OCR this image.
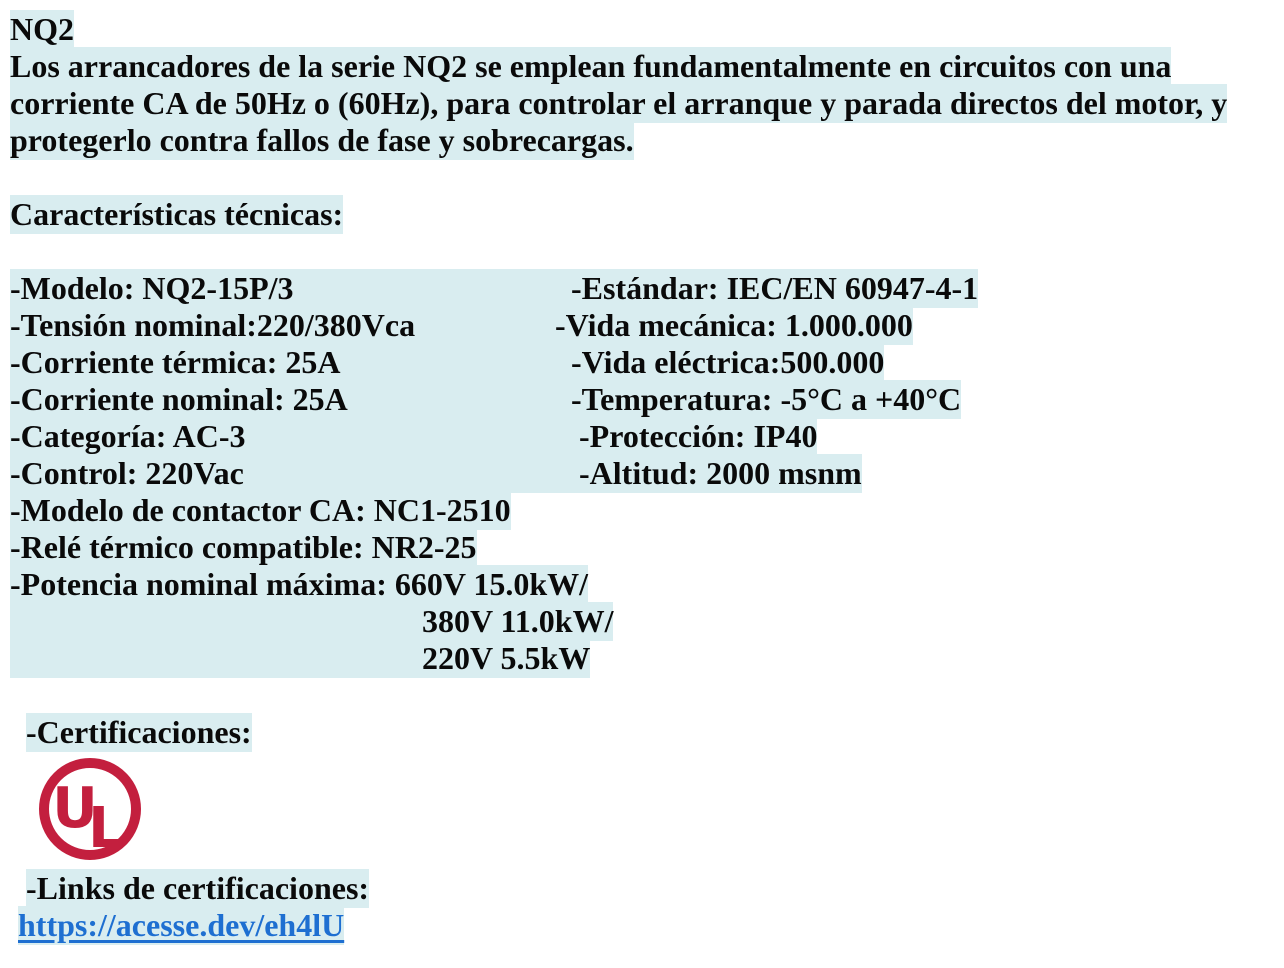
NQ2
Los arrancadores de la serie NQ2 se emplean fundamentalmente en circuitos con una
corriente CA de 50Hz o (60Hz), para controlar el arranque y parada directos del motor, y
protegerlo contra fallos de fase y sobrecargas.
Características técnicas:
-Modelo: NQ2-15P/3	-Estándar: IEC/EN 60947-4-1
-Tensión nominal:220/380Vca	-Vida mecánica: 1.000.000
-Corriente térmica: 25A	-Vida eléctrica:500.000
-Corriente nominal: 25A	-Temperatura: -5°C a +40°C
-Categoría: AC-3	-Protección: IP40
-Control: 220Vac	-Altitud: 2000 msnm
-Modelo de contactor CA: NC1-2510
-Relé térmico compatible: NR2-25
-Potencia nominal máxima: 660V 15.0kW/
380V 11.0kW/
220V 5.5kW
-Certificaciones:
U
L
-Links de certificaciones:
https://acesse.dev/eh4lU
